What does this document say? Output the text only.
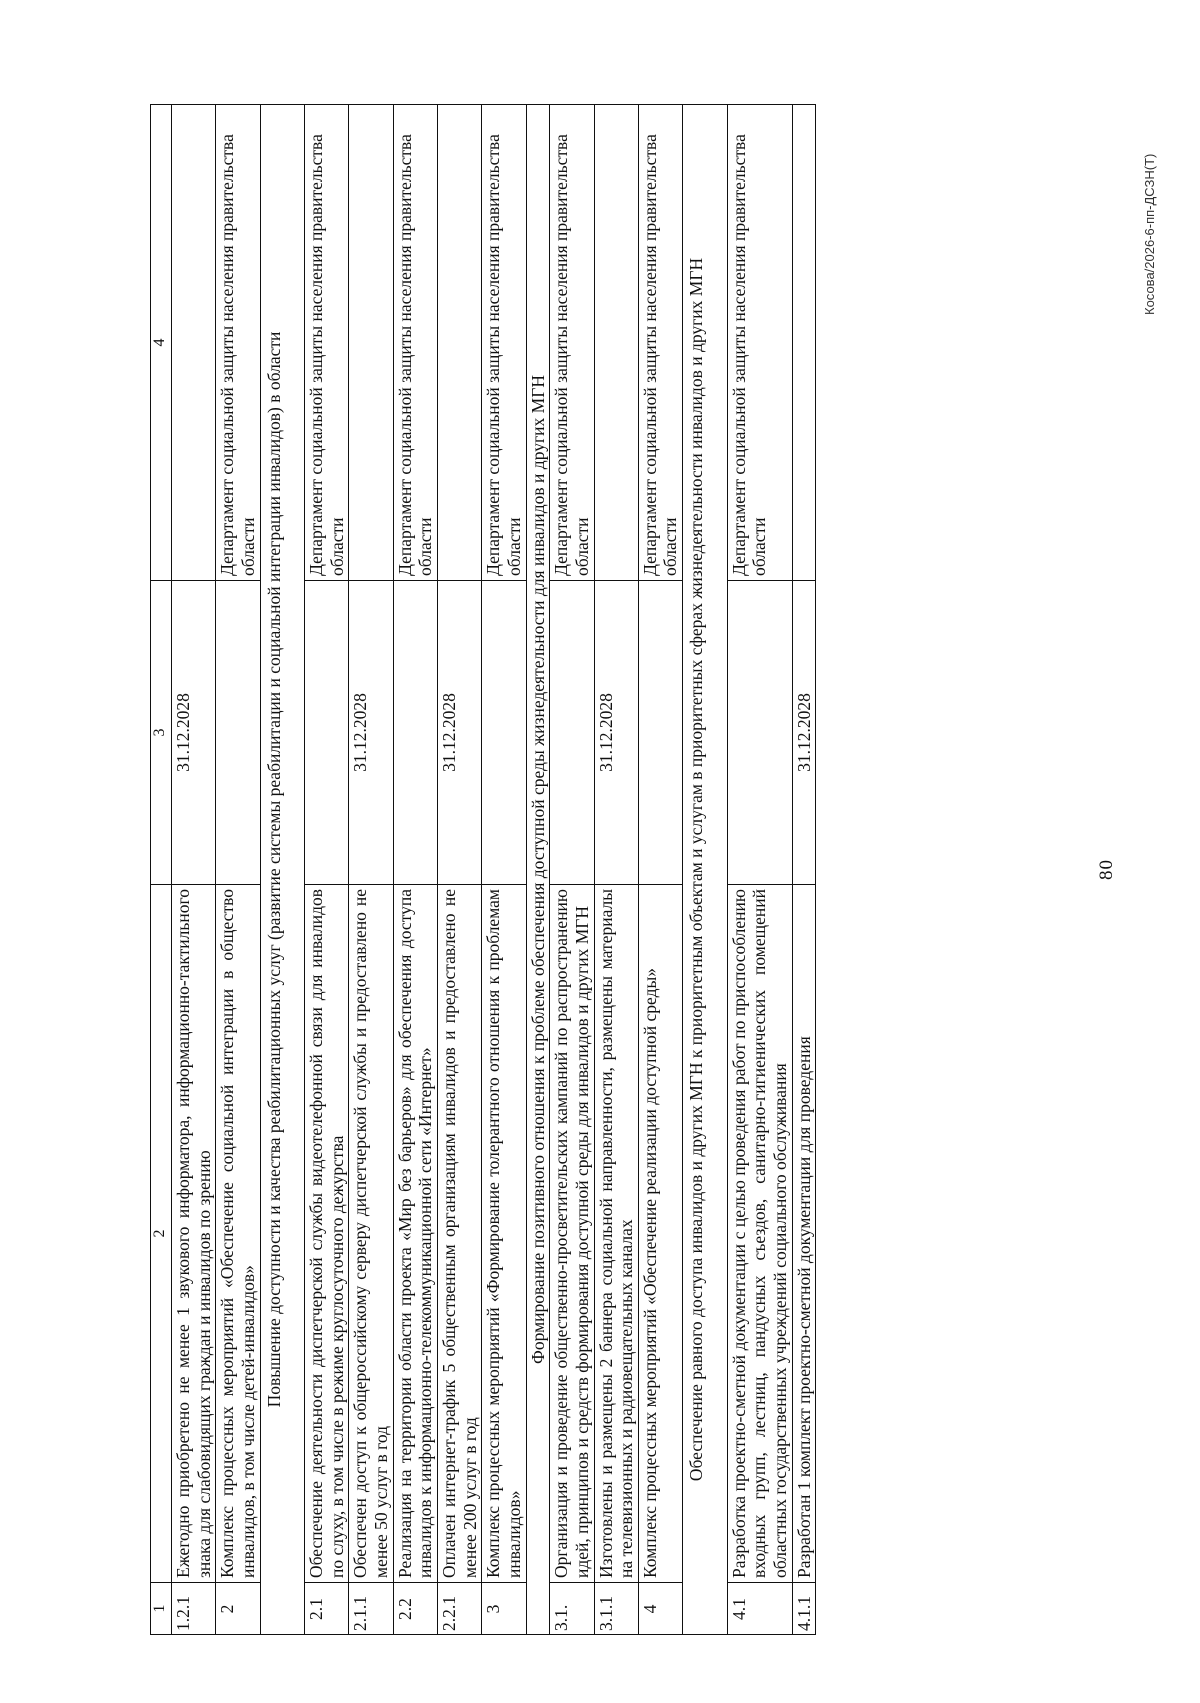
1	2	3	4
1.2.1	Ежегодно приобретено не менее 1 звукового информатора, информационно-тактильного знака для слабовидящих граждан и инвалидов по зрению	31.12.2028	
2	Комплекс процессных мероприятий «Обеспечение социальной интеграции в общество инвалидов, в том числе детей-инвалидов»		Департамент социальной защиты населения правительства области
Повышение доступности и качества реабилитационных услуг (развитие системы реабилитации и социальной интеграции инвалидов) в области			
2.1	Обеспечение деятельности диспетчерской службы видеотелефонной связи для инвалидов по слуху, в том числе в режиме круглосуточного дежурства		Департамент социальной защиты населения правительства области
2.1.1	Обеспечен доступ к общероссийскому серверу диспетчерской службы и предоставлено не менее 50 услуг в год	31.12.2028	
2.2	Реализация на территории области проекта «Мир без барьеров» для обеспечения доступа инвалидов к информационно-телекоммуникационной сети «Интернет»		Департамент социальной защиты населения правительства области
2.2.1	Оплачен интернет-трафик 5 общественным организациям инвалидов и предоставлено не менее 200 услуг в год	31.12.2028	
3	Комплекс процессных мероприятий «Формирование толерантного отношения к проблемам инвалидов»		Департамент социальной защиты населения правительства области
Формирование позитивного отношения к проблеме обеспечения доступной среды жизнедеятельности для инвалидов и других МГН			
3.1.	Организация и проведение общественно-просветительских кампаний по распространению идей, принципов и средств формирования доступной среды для инвалидов и других МГН		Департамент социальной защиты населения правительства области
3.1.1	Изготовлены и размещены 2 баннера социальной направленности, размещены материалы на телевизионных и радиовещательных каналах	31.12.2028	
4	Комплекс процессных мероприятий «Обеспечение реализации доступной среды»		Департамент социальной защиты населения правительства области
Обеспечение равного доступа инвалидов и других МГН к приоритетным объектам и услугам в приоритетных сферах жизнедеятельности инвалидов и других МГН			
4.1	Разработка проектно-сметной документации с целью проведения работ по приспособлению входных групп, лестниц, пандусных съездов, санитарно-гигиенических помещений областных государственных учреждений социального обслуживания		Департамент социальной защиты населения правительства области
4.1.1	Разработан 1 комплект проектно-сметной документации для проведения	31.12.2028	
80
Косова/2026-6-пп-ДСЗН(Т)
